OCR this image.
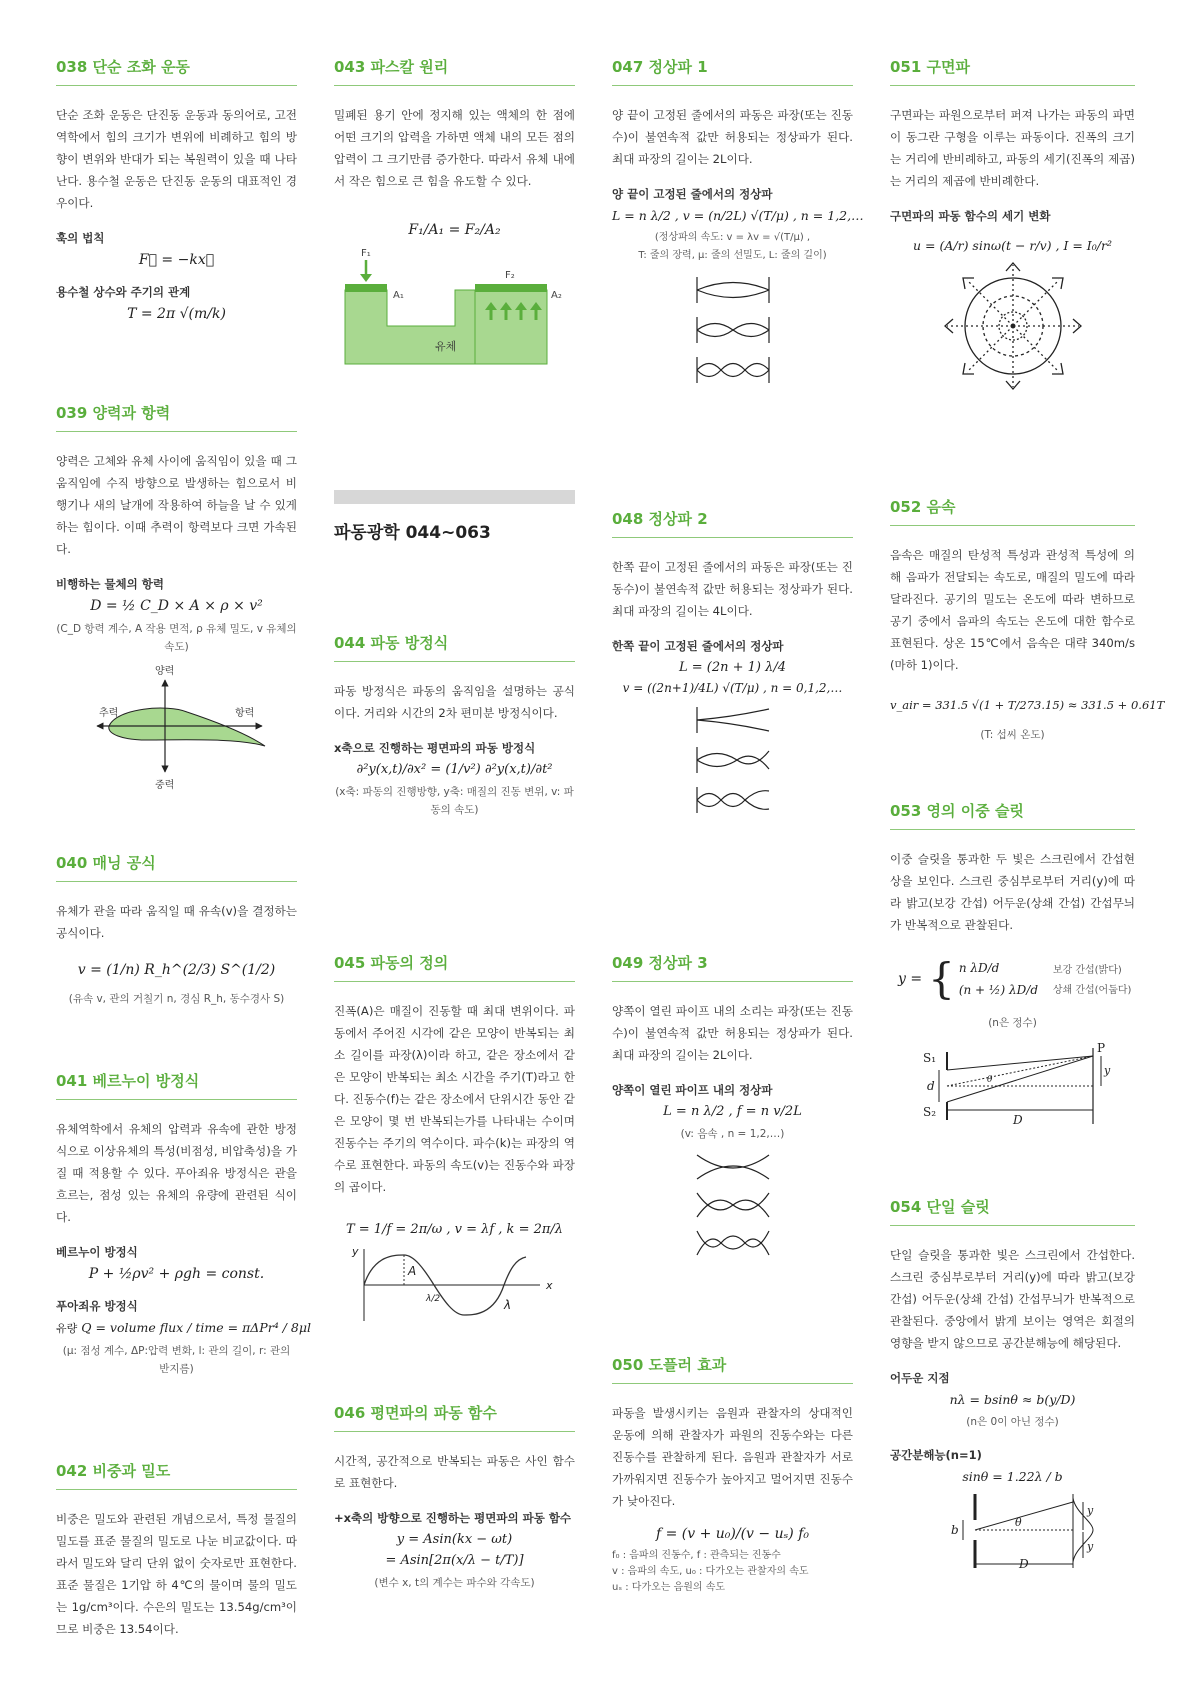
038 단순 조화 운동

단순 조화 운동은 단진동 운동과 동의어로, 고전역학에서 힘의 크기가 변위에 비례하고 힘의 방향이 변위와 반대가 되는 복원력이 있을 때 나타난다. 용수철 운동은 단진동 운동의 대표적인 경우이다.

훅의 법칙
F⃗ = −kx⃗
용수철 상수와 주기의 관계
T = 2π √(m/k)
039 양력과 항력

양력은 고체와 유체 사이에 움직임이 있을 때 그 움직임에 수직 방향으로 발생하는 힘으로서 비행기나 새의 날개에 작용하여 하늘을 날 수 있게 하는 힘이다. 이때 추력이 항력보다 크면 가속된다.

비행하는 물체의 항력
D = ½ C_D × A × ρ × v²
(C_D 항력 계수, A 작용 면적, ρ 유체 밀도, v 유체의 속도)
양력
추력	항력
중력
040 매닝 공식

유체가 관을 따라 움직일 때 유속(v)을 결정하는 공식이다.

v = (1/n) R_h^(2/3) S^(1/2)
(유속 v, 관의 거칠기 n, 경심 R_h, 동수경사 S)
041 베르누이 방정식

유체역학에서 유체의 압력과 유속에 관한 방정식으로 이상유체의 특성(비점성, 비압축성)을 가질 때 적용할 수 있다. 푸아죄유 방정식은 관을 흐르는, 점성 있는 유체의 유량에 관련된 식이다.

베르누이 방정식
P + ½ρv² + ρgh = const.
푸아죄유 방정식
유량 Q = volume flux / time = πΔPr⁴ / 8μl
(μ: 점성 계수, ΔP:압력 변화, l: 관의 길이, r: 관의 반지름)
042 비중과 밀도

비중은 밀도와 관련된 개념으로서, 특정 물질의 밀도를 표준 물질의 밀도로 나눈 비교값이다. 따라서 밀도와 달리 단위 없이 숫자로만 표현한다. 표준 물질은 1기압 하 4℃의 물이며 물의 밀도는 1g/cm³이다. 수은의 밀도는 13.54g/cm³이므로 비중은 13.54이다.

043 파스칼 원리

밀폐된 용기 안에 정지해 있는 액체의 한 점에 어떤 크기의 압력을 가하면 액체 내의 모든 점의 압력이 그 크기만큼 증가한다. 따라서 유체 내에서 작은 힘으로 큰 힘을 유도할 수 있다.

F₁/A₁ = F₂/A₂
F₁
F₂
A₁	A₂
유체
파동광학 044~063
044 파동 방정식

파동 방정식은 파동의 움직임을 설명하는 공식이다. 거리와 시간의 2차 편미분 방정식이다.

x축으로 진행하는 평면파의 파동 방정식
∂²y(x,t)/∂x² = (1/v²) ∂²y(x,t)/∂t²
(x축: 파동의 진행방향, y축: 매질의 진동 변위, v: 파동의 속도)
045 파동의 정의

진폭(A)은 매질이 진동할 때 최대 변위이다. 파동에서 주어진 시각에 같은 모양이 반복되는 최소 길이를 파장(λ)이라 하고, 같은 장소에서 같은 모양이 반복되는 최소 시간을 주기(T)라고 한다. 진동수(f)는 같은 장소에서 단위시간 동안 같은 모양이 몇 번 반복되는가를 나타내는 수이며 진동수는 주기의 역수이다. 파수(k)는 파장의 역수로 표현한다. 파동의 속도(v)는 진동수와 파장의 곱이다.

T = 1/f = 2π/ω , v = λf , k = 2π/λ
y
x
A
λ/2	λ
046 평면파의 파동 함수

시간적, 공간적으로 반복되는 파동은 사인 함수로 표현한다.

+x축의 방향으로 진행하는 평면파의 파동 함수
y = Asin(kx − ωt)
= Asin[2π(x/λ − t/T)]
(변수 x, t의 계수는 파수와 각속도)
047 정상파 1

양 끝이 고정된 줄에서의 파동은 파장(또는 진동수)이 불연속적 값만 허용되는 정상파가 된다. 최대 파장의 길이는 2L이다.

양 끝이 고정된 줄에서의 정상파
L = n λ/2 , v = (n/2L) √(T/μ) , n = 1,2,…
(정상파의 속도: v = λv = √(T/μ) ,
T: 줄의 장력, μ: 줄의 선밀도, L: 줄의 길이)
048 정상파 2

한쪽 끝이 고정된 줄에서의 파동은 파장(또는 진동수)이 불연속적 값만 허용되는 정상파가 된다. 최대 파장의 길이는 4L이다.

한쪽 끝이 고정된 줄에서의 정상파
L = (2n + 1) λ/4
v = ((2n+1)/4L) √(T/μ) , n = 0,1,2,…
049 정상파 3

양쪽이 열린 파이프 내의 소리는 파장(또는 진동수)이 불연속적 값만 허용되는 정상파가 된다. 최대 파장의 길이는 2L이다.

양쪽이 열린 파이프 내의 정상파
L = n λ/2 , f = n v/2L
(v: 음속 , n = 1,2,…)
050 도플러 효과

파동을 발생시키는 음원과 관찰자의 상대적인 운동에 의해 관찰자가 파원의 진동수와는 다른 진동수를 관찰하게 된다. 음원과 관찰자가 서로 가까워지면 진동수가 높아지고 멀어지면 진동수가 낮아진다.

f = (v + u₀)/(v − uₛ) f₀
f₀ : 음파의 진동수, f : 관측되는 진동수
v : 음파의 속도, u₀ : 다가오는 관찰자의 속도
uₛ : 다가오는 음원의 속도
051 구면파

구면파는 파원으로부터 퍼져 나가는 파동의 파면이 동그란 구형을 이루는 파동이다. 진폭의 크기는 거리에 반비례하고, 파동의 세기(진폭의 제곱)는 거리의 제곱에 반비례한다.

구면파의 파동 함수의 세기 변화
u = (A/r) sinω(t − r/v) , I = I₀/r²
052 음속

음속은 매질의 탄성적 특성과 관성적 특성에 의해 음파가 전달되는 속도로, 매질의 밀도에 따라 달라진다. 공기의 밀도는 온도에 따라 변하므로 공기 중에서 음파의 속도는 온도에 대한 함수로 표현된다. 상온 15℃에서 음속은 대략 340m/s (마하 1)이다.

v_air = 331.5 √(1 + T/273.15) ≈ 331.5 + 0.61T
(T: 섭씨 온도)
053 영의 이중 슬릿

이중 슬릿을 통과한 두 빛은 스크린에서 간섭현상을 보인다. 스크린 중심부로부터 거리(y)에 따라 밝고(보강 간섭) 어두운(상쇄 간섭) 간섭무늬가 반복적으로 관찰된다.

y = { n λD/d	보강 간섭(밝다)
(n + ½) λD/d 상쇄 간섭(어둡다)
(n은 정수)
S₁
S₂
d
P
y
D
θ
054 단일 슬릿

단일 슬릿을 통과한 빛은 스크린에서 간섭한다. 스크린 중심부로부터 거리(y)에 따라 밝고(보강 간섭) 어두운(상쇄 간섭) 간섭무늬가 반복적으로 관찰된다. 중앙에서 밝게 보이는 영역은 회절의 영향을 받지 않으므로 공간분해능에 해당된다.

어두운 지점
nλ = bsinθ ≈ b(y/D)
(n은 0이 아닌 정수)
공간분해능(n=1)
sinθ = 1.22λ / b
b
θ
y
y
D
